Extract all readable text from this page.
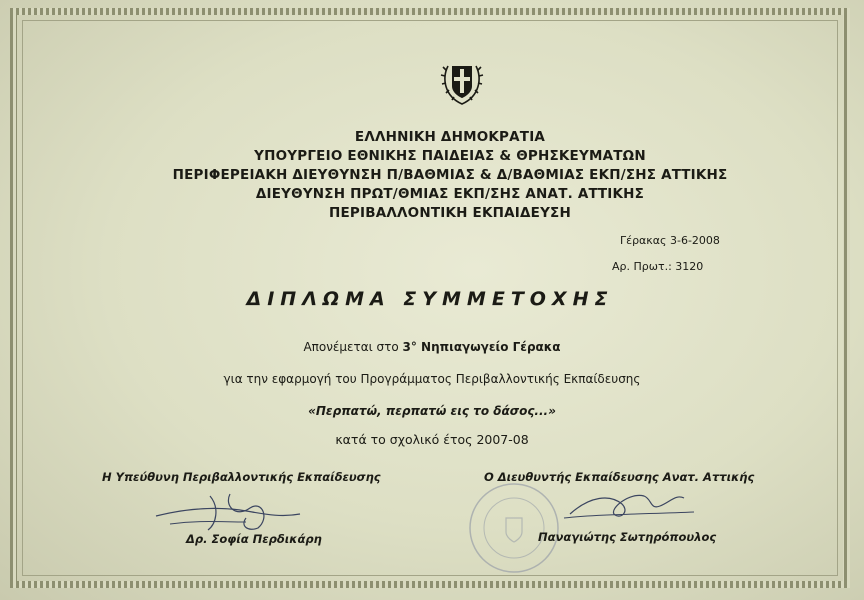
ΕΛΛΗΝΙΚΗ ΔΗΜΟΚΡΑΤΙΑ
ΥΠΟΥΡΓΕΙΟ ΕΘΝΙΚΗΣ ΠΑΙΔΕΙΑΣ & ΘΡΗΣΚΕΥΜΑΤΩΝ
ΠΕΡΙΦΕΡΕΙΑΚΗ ΔΙΕΥΘΥΝΣΗ Π/ΒΑΘΜΙΑΣ & Δ/ΒΑΘΜΙΑΣ ΕΚΠ/ΣΗΣ ΑΤΤΙΚΗΣ
ΔΙΕΥΘΥΝΣΗ ΠΡΩΤ/ΘΜΙΑΣ ΕΚΠ/ΣΗΣ ΑΝΑΤ. ΑΤΤΙΚΗΣ
ΠΕΡΙΒΑΛΛΟΝΤΙΚΗ ΕΚΠΑΙΔΕΥΣΗ
Γέρακας 3-6-2008
Αρ. Πρωτ.: 3120
ΔΙΠΛΩΜΑ ΣΥΜΜΕΤΟΧΗΣ
Απονέμεται στο 3° Νηπιαγωγείο Γέρακα
για την εφαρμογή του Προγράμματος Περιβαλλοντικής Εκπαίδευσης
«Περπατώ, περπατώ εις το δάσος...»
κατά το σχολικό έτος 2007-08
Η Υπεύθυνη Περιβαλλοντικής Εκπαίδευσης	Ο Διευθυντής Εκπαίδευσης Ανατ. Αττικής
Δρ. Σοφία Περδικάρη	Παναγιώτης Σωτηρόπουλος
